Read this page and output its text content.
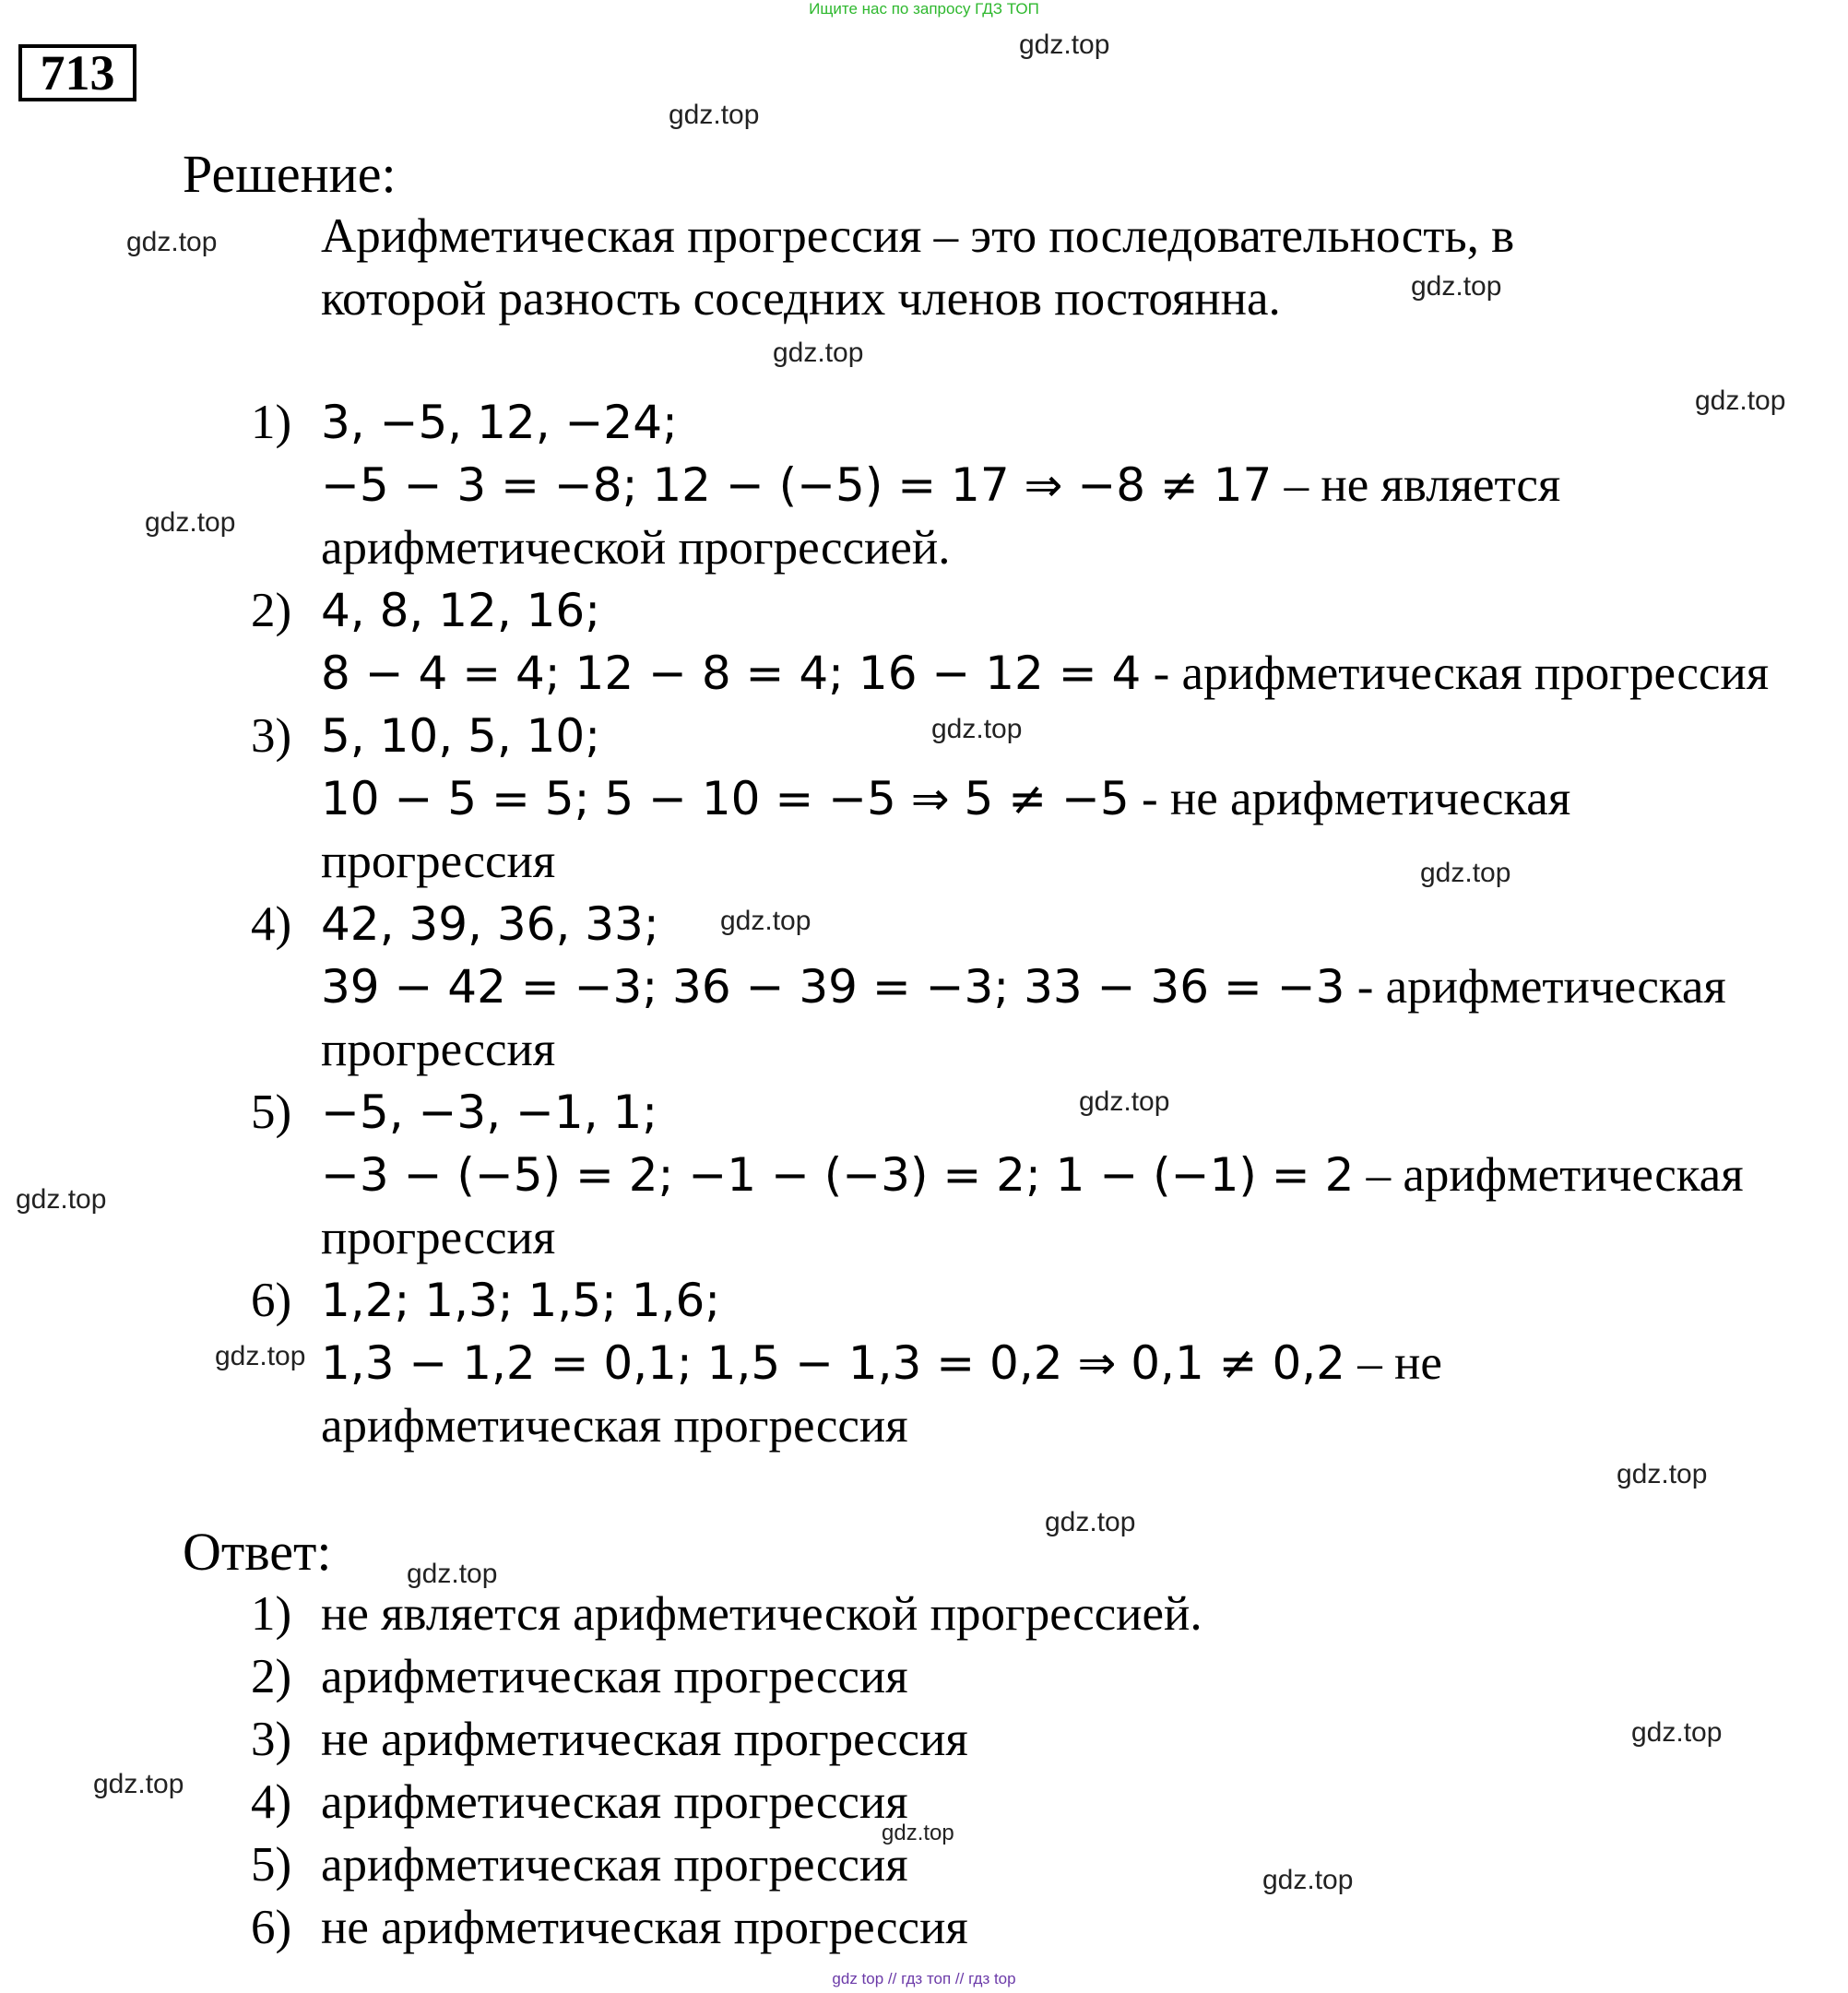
Ищите нас по запросу ГДЗ ТОП
713
Решение:
Арифметическая прогрессия – это последовательность, в
которой разность соседних членов постоянна.
1) 3, −5, 12, −24;
−5 − 3 = −8; 12 − (−5) = 17 ⇒ −8 ≠ 17 – не является
арифметической прогрессией.
2) 4, 8, 12, 16;
8 − 4 = 4; 12 − 8 = 4; 16 − 12 = 4 - арифметическая прогрессия
3) 5, 10, 5, 10;
10 − 5 = 5; 5 − 10 = −5 ⇒ 5 ≠ −5 - не арифметическая
прогрессия
4) 42, 39, 36, 33;
39 − 42 = −3; 36 − 39 = −3; 33 − 36 = −3 - арифметическая
прогрессия
5) −5, −3, −1, 1;
−3 − (−5) = 2; −1 − (−3) = 2; 1 − (−1) = 2 – арифметическая
прогрессия
6) 1,2; 1,3; 1,5; 1,6;
1,3 − 1,2 = 0,1; 1,5 − 1,3 = 0,2 ⇒ 0,1 ≠ 0,2 – не
арифметическая прогрессия
Ответ:
1) не является арифметической прогрессией.
2) арифметическая прогрессия
3) не арифметическая прогрессия
4) арифметическая прогрессия
5) арифметическая прогрессия
6) не арифметическая прогрессия
gdz.top
gdz.top
gdz.top
gdz.top
gdz.top
gdz.top
gdz.top
gdz.top
gdz.top
gdz.top
gdz.top
gdz.top
gdz.top
gdz.top
gdz.top
gdz.top
gdz.top
gdz.top
gdz.top
gdz.top
gdz top // гдз топ // гдз top
